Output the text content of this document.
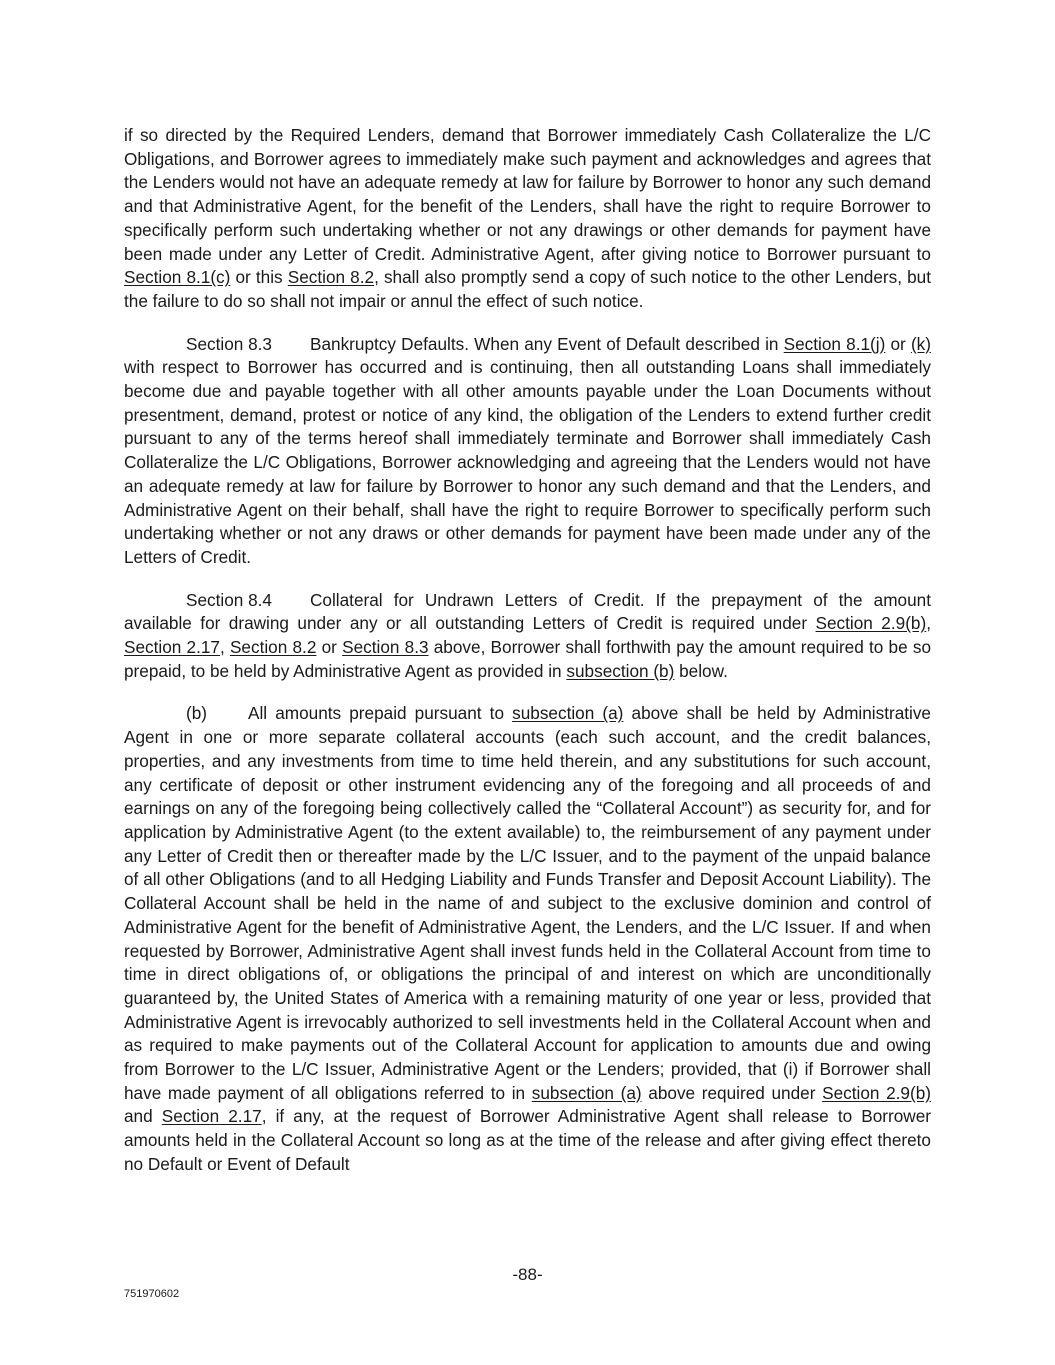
if so directed by the Required Lenders, demand that Borrower immediately Cash Collateralize the L/C Obligations, and Borrower agrees to immediately make such payment and acknowledges and agrees that the Lenders would not have an adequate remedy at law for failure by Borrower to honor any such demand and that Administrative Agent, for the benefit of the Lenders, shall have the right to require Borrower to specifically perform such undertaking whether or not any drawings or other demands for payment have been made under any Letter of Credit. Administrative Agent, after giving notice to Borrower pursuant to Section 8.1(c) or this Section 8.2, shall also promptly send a copy of such notice to the other Lenders, but the failure to do so shall not impair or annul the effect of such notice.

Section 8.3 Bankruptcy Defaults. When any Event of Default described in Section 8.1(j) or (k) with respect to Borrower has occurred and is continuing, then all outstanding Loans shall immediately become due and payable together with all other amounts payable under the Loan Documents without presentment, demand, protest or notice of any kind, the obligation of the Lenders to extend further credit pursuant to any of the terms hereof shall immediately terminate and Borrower shall immediately Cash Collateralize the L/C Obligations, Borrower acknowledging and agreeing that the Lenders would not have an adequate remedy at law for failure by Borrower to honor any such demand and that the Lenders, and Administrative Agent on their behalf, shall have the right to require Borrower to specifically perform such undertaking whether or not any draws or other demands for payment have been made under any of the Letters of Credit.

Section 8.4 Collateral for Undrawn Letters of Credit. If the prepayment of the amount available for drawing under any or all outstanding Letters of Credit is required under Section 2.9(b), Section 2.17, Section 8.2 or Section 8.3 above, Borrower shall forthwith pay the amount required to be so prepaid, to be held by Administrative Agent as provided in subsection (b) below.

(b) All amounts prepaid pursuant to subsection (a) above shall be held by Administrative Agent in one or more separate collateral accounts (each such account, and the credit balances, properties, and any investments from time to time held therein, and any substitutions for such account, any certificate of deposit or other instrument evidencing any of the foregoing and all proceeds of and earnings on any of the foregoing being collectively called the “Collateral Account”) as security for, and for application by Administrative Agent (to the extent available) to, the reimbursement of any payment under any Letter of Credit then or thereafter made by the L/C Issuer, and to the payment of the unpaid balance of all other Obligations (and to all Hedging Liability and Funds Transfer and Deposit Account Liability). The Collateral Account shall be held in the name of and subject to the exclusive dominion and control of Administrative Agent for the benefit of Administrative Agent, the Lenders, and the L/C Issuer. If and when requested by Borrower, Administrative Agent shall invest funds held in the Collateral Account from time to time in direct obligations of, or obligations the principal of and interest on which are unconditionally guaranteed by, the United States of America with a remaining maturity of one year or less, provided that Administrative Agent is irrevocably authorized to sell investments held in the Collateral Account when and as required to make payments out of the Collateral Account for application to amounts due and owing from Borrower to the L/C Issuer, Administrative Agent or the Lenders; provided, that (i) if Borrower shall have made payment of all obligations referred to in subsection (a) above required under Section 2.9(b) and Section 2.17, if any, at the request of Borrower Administrative Agent shall release to Borrower amounts held in the Collateral Account so long as at the time of the release and after giving effect thereto no Default or Event of Default

-88-
751970602
